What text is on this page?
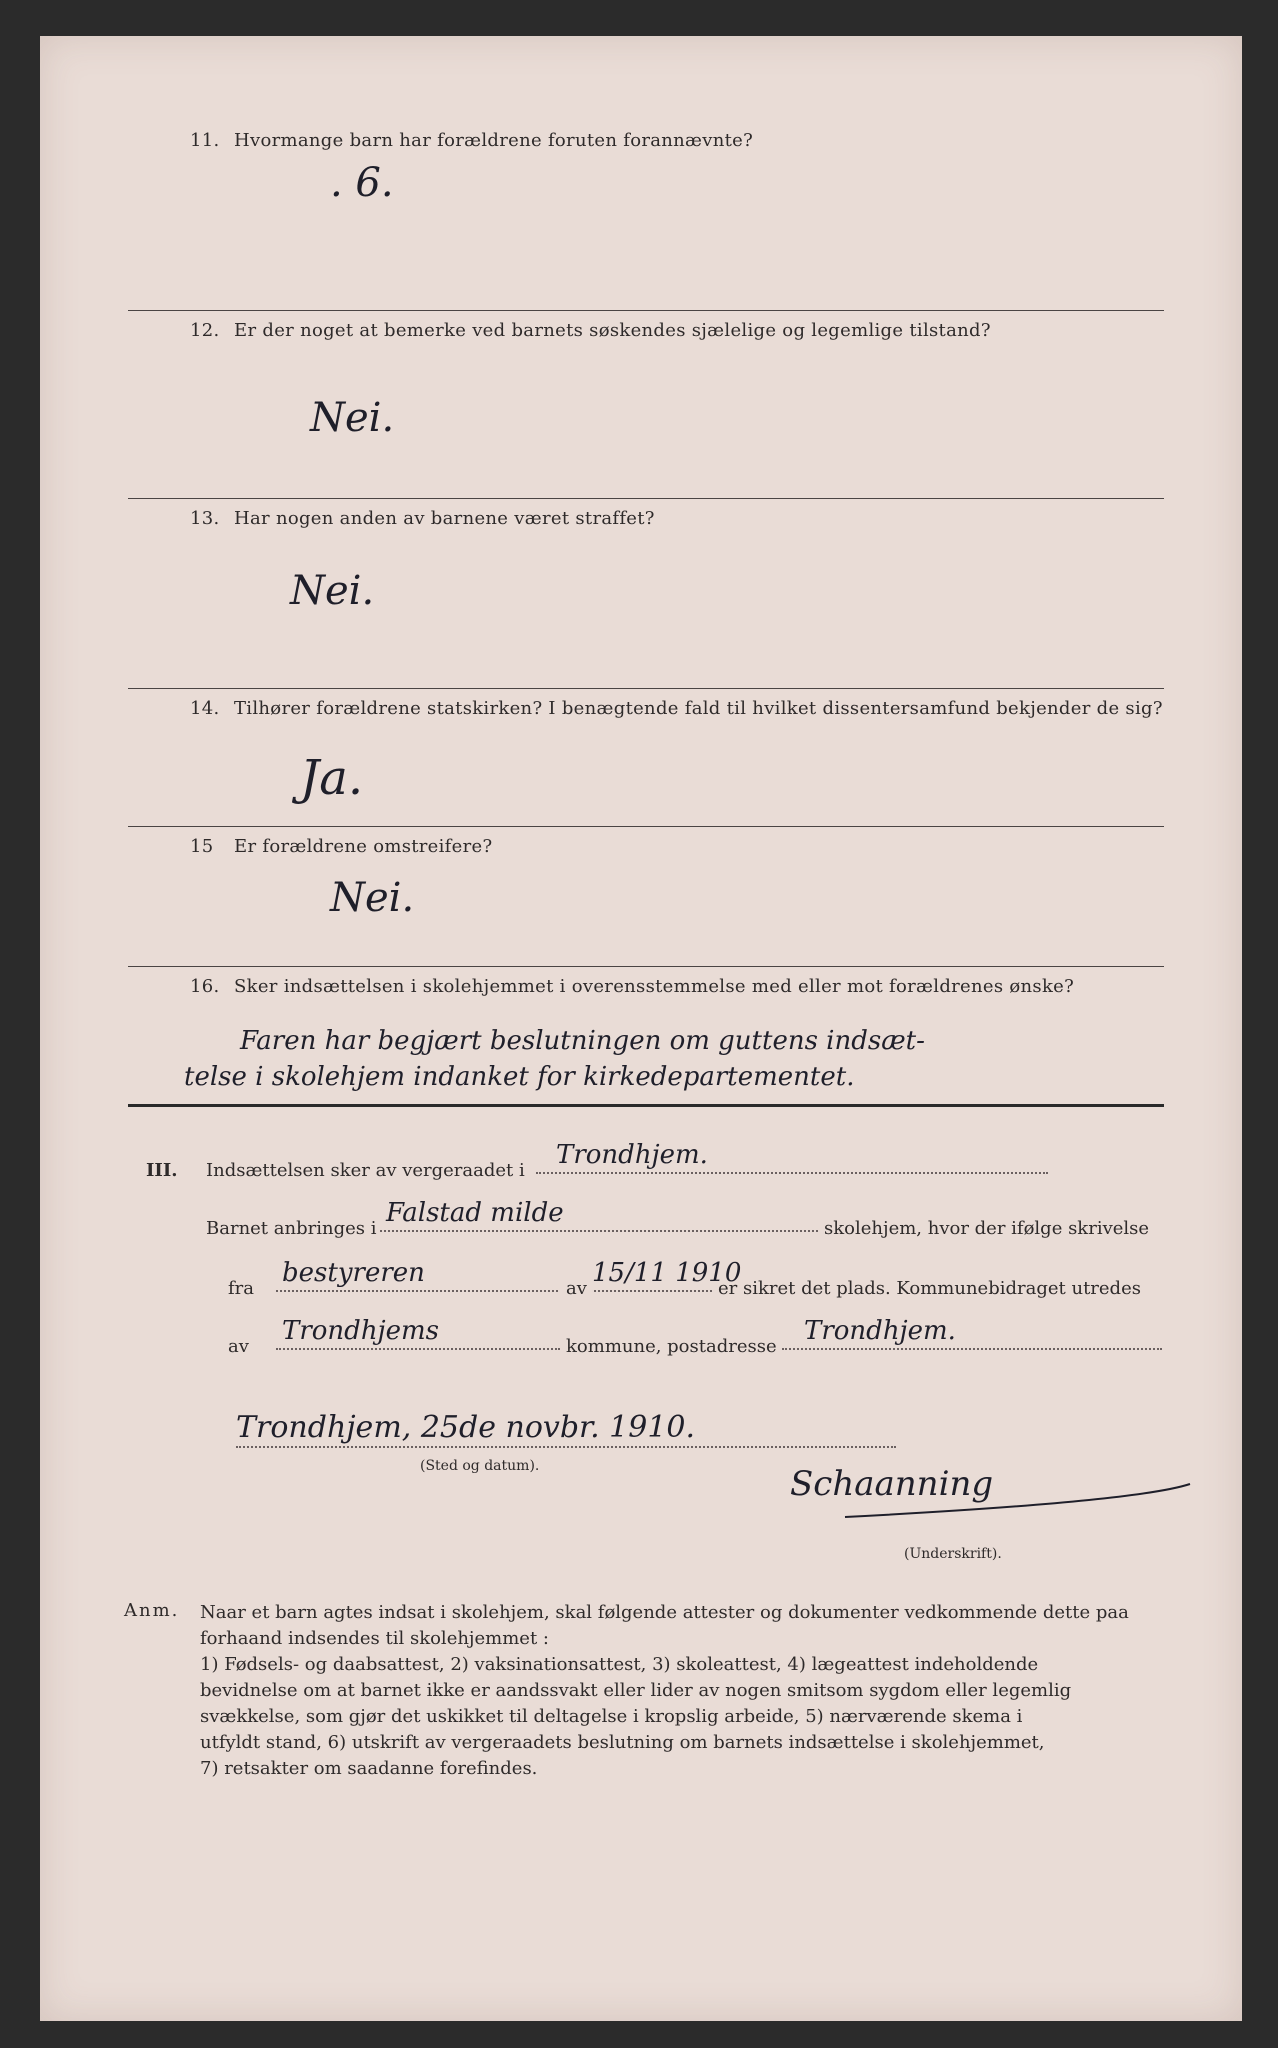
11. Hvormange barn har forældrene foruten forannævnte?
. 6.
12. Er der noget at bemerke ved barnets søskendes sjælelige og legemlige tilstand?
Nei.
13. Har nogen anden av barnene været straffet?
Nei.
14. Tilhører forældrene statskirken? I benægtende fald til hvilket dissentersamfund bekjender de sig?
Ja.
15 Er forældrene omstreifere?
Nei.
16. Sker indsættelsen i skolehjemmet i overensstemmelse med eller mot forældrenes ønske?
Faren har begjært beslutningen om guttens indsæt-
telse i skolehjem indanket for kirkedepartementet.
III. Indsættelsen sker av vergeraadet i
Trondhjem.
Barnet anbringes i
Falstad milde
skolehjem, hvor der ifølge skrivelse
fra
bestyreren
av
15/11 1910
er sikret det plads. Kommunebidraget utredes
av
Trondhjems
kommune, postadresse
Trondhjem.
Trondhjem, 25de novbr. 1910.
(Sted og datum).	Schaanning
(Underskrift).
Anm. Naar et barn agtes indsat i skolehjem, skal følgende attester og dokumenter vedkommende dette paa

forhaand indsendes til skolehjemmet :

1) Fødsels- og daabsattest, 2) vaksinationsattest, 3) skoleattest, 4) lægeattest indeholdende

bevidnelse om at barnet ikke er aandssvakt eller lider av nogen smitsom sygdom eller legemlig

svækkelse, som gjør det uskikket til deltagelse i kropslig arbeide, 5) nærværende skema i

utfyldt stand, 6) utskrift av vergeraadets beslutning om barnets indsættelse i skolehjemmet,

7) retsakter om saadanne forefindes.
